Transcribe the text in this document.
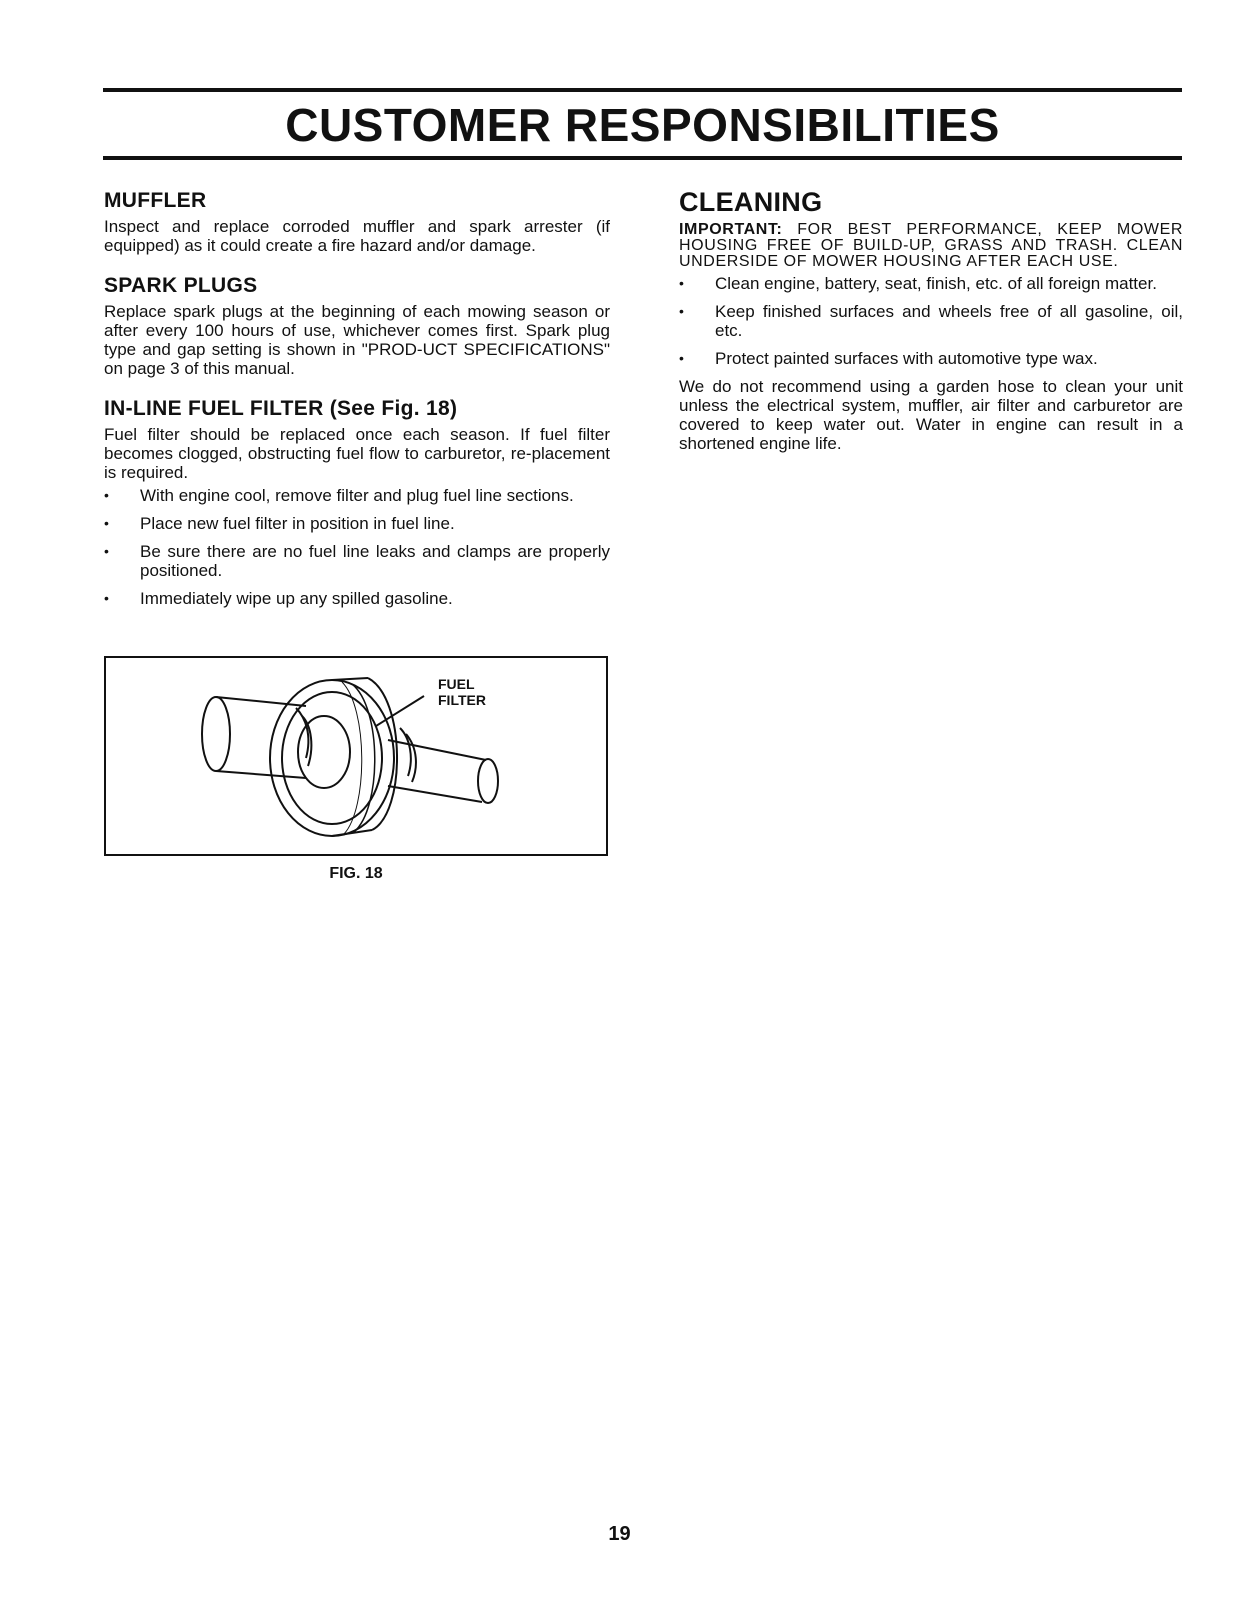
CUSTOMER RESPONSIBILITIES
MUFFLER

Inspect and replace corroded muffler and spark arrester (if equipped) as it could create a fire hazard and/or damage.

SPARK PLUGS

Replace spark plugs at the beginning of each mowing season or after every 100 hours of use, whichever comes first. Spark plug type and gap setting is shown in "PROD-UCT SPECIFICATIONS" on page 3 of this manual.

IN-LINE FUEL FILTER (See Fig. 18)

Fuel filter should be replaced once each season. If fuel filter becomes clogged, obstructing fuel flow to carburetor, re-placement is required.

• With engine cool, remove filter and plug fuel line sections.
• Place new fuel filter in position in fuel line.
• Be sure there are no fuel line leaks and clamps are properly positioned.
• Immediately wipe up any spilled gasoline.
FUEL
FILTER
FIG. 18
CLEANING
IMPORTANT: FOR BEST PERFORMANCE, KEEP MOWER HOUSING FREE OF BUILD-UP, GRASS AND TRASH. CLEAN UNDERSIDE OF MOWER HOUSING AFTER EACH USE.
• Clean engine, battery, seat, finish, etc. of all foreign matter.
• Keep finished surfaces and wheels free of all gasoline, oil, etc.
• Protect painted surfaces with automotive type wax.

We do not recommend using a garden hose to clean your unit unless the electrical system, muffler, air filter and carburetor are covered to keep water out. Water in engine can result in a shortened engine life.

19
